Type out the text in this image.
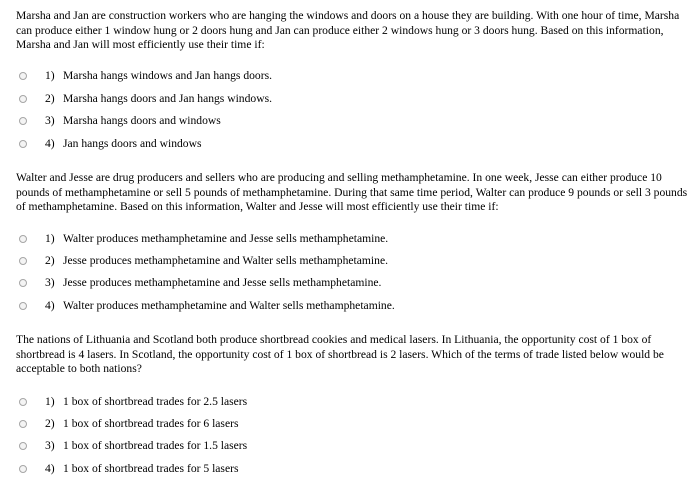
Marsha and Jan are construction workers who are hanging the windows and doors on a house they are building. With one hour of time, Marsha can produce either 1 window hung or 2 doors hung and Jan can produce either 2 windows hung or 3 doors hung. Based on this information, Marsha and Jan will most efficiently use their time if:

1) Marsha hangs windows and Jan hangs doors.
2) Marsha hangs doors and Jan hangs windows.
3) Marsha hangs doors and windows
4) Jan hangs doors and windows

Walter and Jesse are drug producers and sellers who are producing and selling methamphetamine. In one week, Jesse can either produce 10 pounds of methamphetamine or sell 5 pounds of methamphetamine. During that same time period, Walter can produce 9 pounds or sell 3 pounds of methamphetamine. Based on this information, Walter and Jesse will most efficiently use their time if:

1) Walter produces methamphetamine and Jesse sells methamphetamine.
2) Jesse produces methamphetamine and Walter sells methamphetamine.
3) Jesse produces methamphetamine and Jesse sells methamphetamine.
4) Walter produces methamphetamine and Walter sells methamphetamine.

The nations of Lithuania and Scotland both produce shortbread cookies and medical lasers. In Lithuania, the opportunity cost of 1 box of shortbread is 4 lasers. In Scotland, the opportunity cost of 1 box of shortbread is 2 lasers. Which of the terms of trade listed below would be acceptable to both nations?

1) 1 box of shortbread trades for 2.5 lasers
2) 1 box of shortbread trades for 6 lasers
3) 1 box of shortbread trades for 1.5 lasers
4) 1 box of shortbread trades for 5 lasers
